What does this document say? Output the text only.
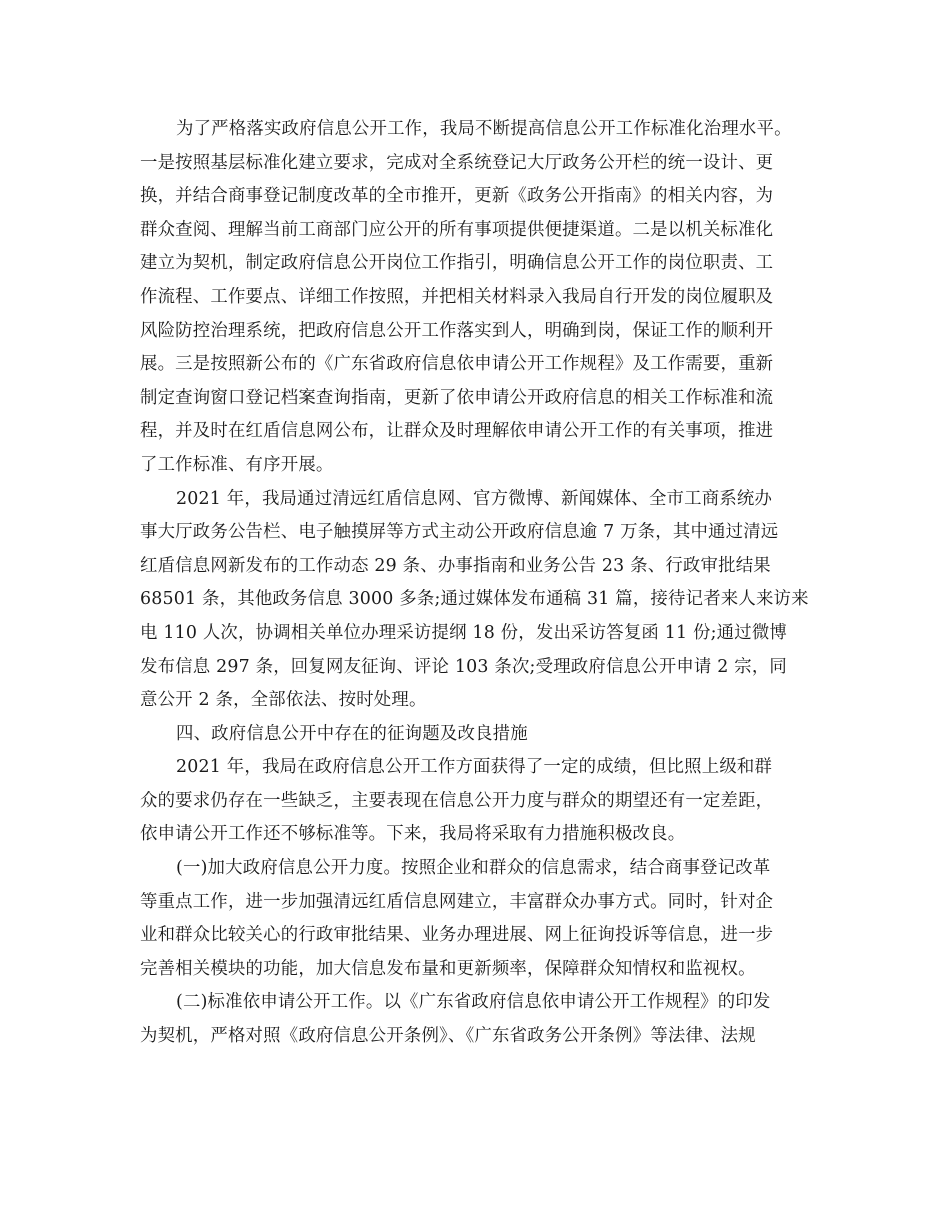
为了严格落实政府信息公开工作，我局不断提高信息公开工作标准化治理水平。
一是按照基层标准化建立要求，完成对全系统登记大厅政务公开栏的统一设计、更
换，并结合商事登记制度改革的全市推开，更新《政务公开指南》的相关内容，为
群众查阅、理解当前工商部门应公开的所有事项提供便捷渠道。二是以机关标准化
建立为契机，制定政府信息公开岗位工作指引，明确信息公开工作的岗位职责、工
作流程、工作要点、详细工作按照，并把相关材料录入我局自行开发的岗位履职及
风险防控治理系统，把政府信息公开工作落实到人，明确到岗，保证工作的顺利开
展。三是按照新公布的《广东省政府信息依申请公开工作规程》及工作需要，重新
制定查询窗口登记档案查询指南，更新了依申请公开政府信息的相关工作标准和流
程，并及时在红盾信息网公布，让群众及时理解依申请公开工作的有关事项，推进
了工作标准、有序开展。
2021 年，我局通过清远红盾信息网、官方微博、新闻媒体、全市工商系统办
事大厅政务公告栏、电子触摸屏等方式主动公开政府信息逾 7 万条，其中通过清远
红盾信息网新发布的工作动态 29 条、办事指南和业务公告 23 条、行政审批结果
68501 条，其他政务信息 3000 多条;通过媒体发布通稿 31 篇，接待记者来人来访来
电 110 人次，协调相关单位办理采访提纲 18 份，发出采访答复函 11 份;通过微博
发布信息 297 条，回复网友征询、评论 103 条次;受理政府信息公开申请 2 宗，同
意公开 2 条，全部依法、按时处理。
四、政府信息公开中存在的征询题及改良措施
2021 年，我局在政府信息公开工作方面获得了一定的成绩，但比照上级和群
众的要求仍存在一些缺乏，主要表现在信息公开力度与群众的期望还有一定差距，
依申请公开工作还不够标准等。下来，我局将采取有力措施积极改良。
(一)加大政府信息公开力度。按照企业和群众的信息需求，结合商事登记改革
等重点工作，进一步加强清远红盾信息网建立，丰富群众办事方式。同时，针对企
业和群众比较关心的行政审批结果、业务办理进展、网上征询投诉等信息，进一步
完善相关模块的功能，加大信息发布量和更新频率，保障群众知情权和监视权。
(二)标准依申请公开工作。以《广东省政府信息依申请公开工作规程》的印发
为契机，严格对照《政府信息公开条例》、《广东省政务公开条例》等法律、法规
